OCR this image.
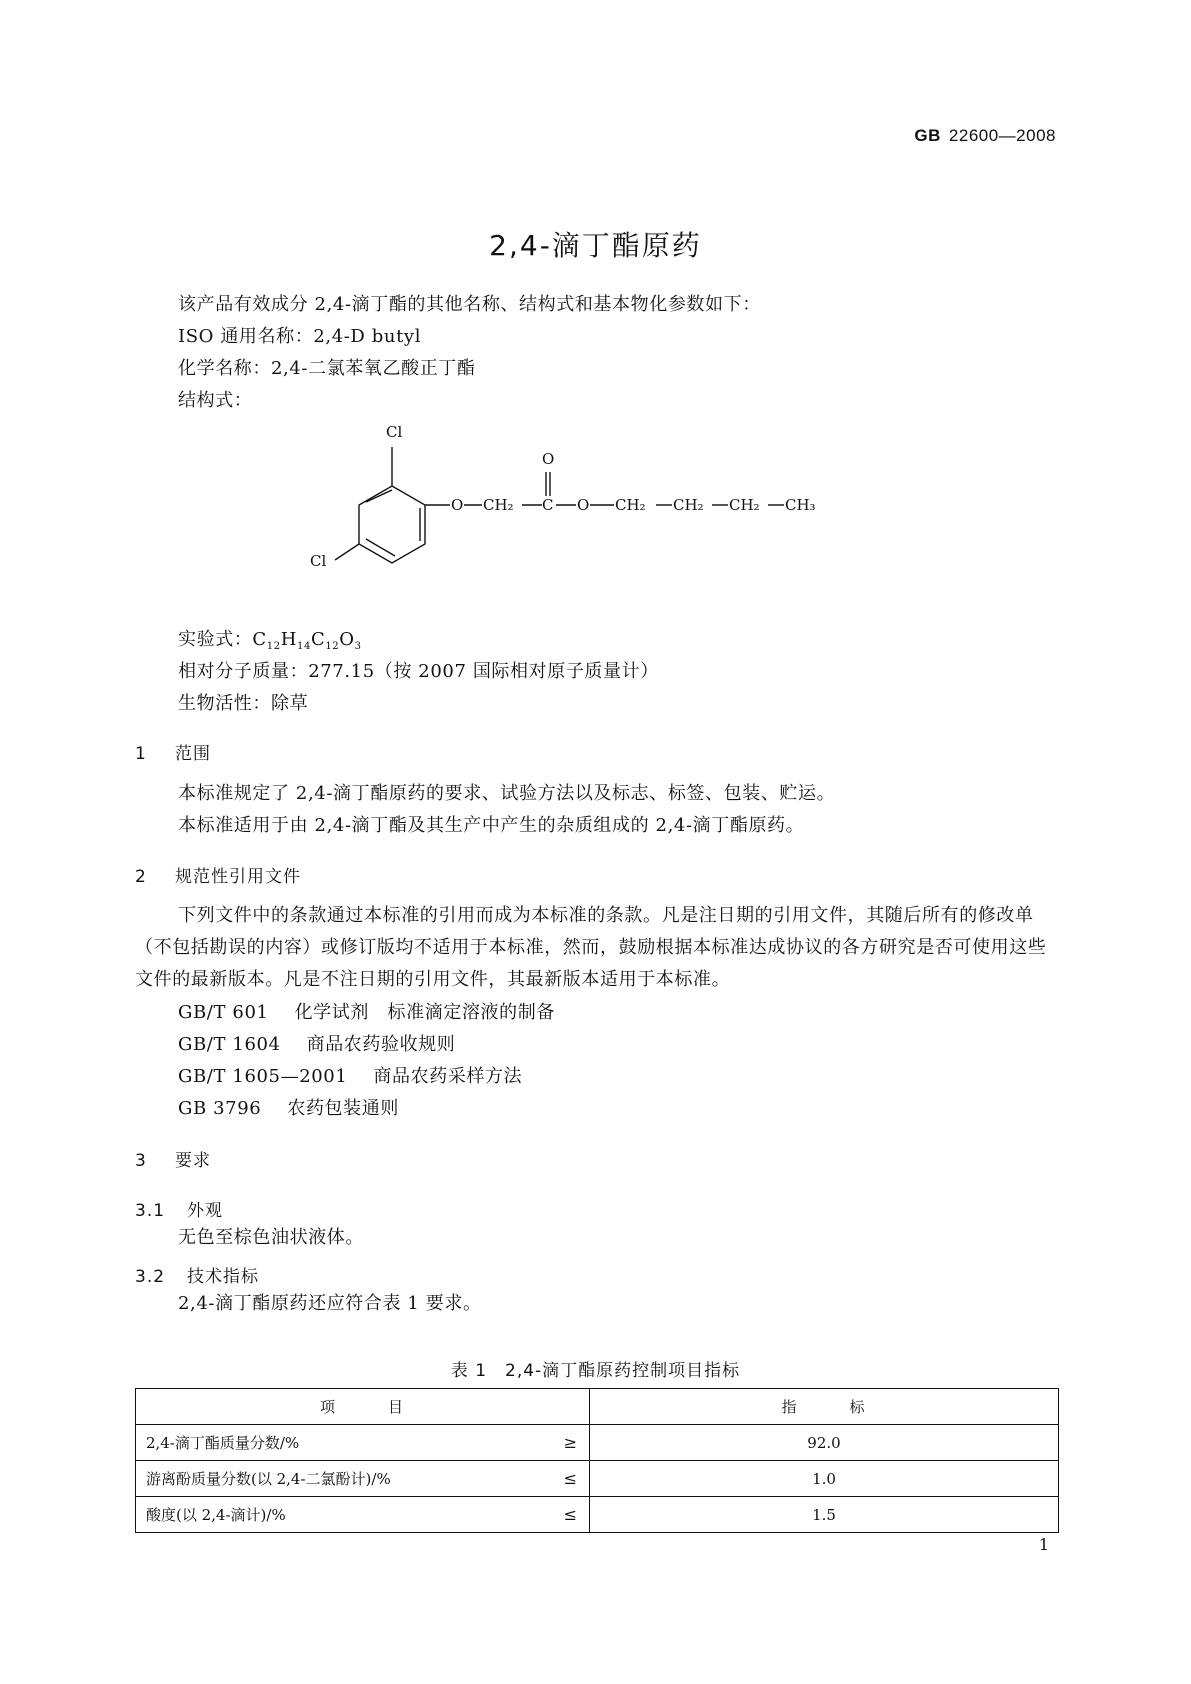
GB 22600—2008
2,4-滴丁酯原药
该产品有效成分 2,4-滴丁酯的其他名称、结构式和基本物化参数如下：
ISO 通用名称：2,4-D butyl
化学名称：2,4-二氯苯氧乙酸正丁酯
结构式：
Cl
Cl
O
O CH₂ C O CH₂ CH₂ CH₂ CH₃
实验式：$C_{12}H_{14}C_{12}O_3$
相对分子质量：277.15（按 2007 国际相对原子质量计）
生物活性：除草
1 范围
本标准规定了 2,4-滴丁酯原药的要求、试验方法以及标志、标签、包装、贮运。
本标准适用于由 2,4-滴丁酯及其生产中产生的杂质组成的 2,4-滴丁酯原药。
2 规范性引用文件
下列文件中的条款通过本标准的引用而成为本标准的条款。凡是注日期的引用文件，其随后所有的修改单（不包括勘误的内容）或修订版均不适用于本标准，然而，鼓励根据本标准达成协议的各方研究是否可使用这些文件的最新版本。凡是不注日期的引用文件，其最新版本适用于本标准。
GB/T 601 化学试剂　标准滴定溶液的制备
GB/T 1604 商品农药验收规则
GB/T 1605—2001 商品农药采样方法
GB 3796 农药包装通则
3 要求
3.1 外观
无色至棕色油状液体。
3.2 技术指标
2,4-滴丁酯原药还应符合表 1 要求。
表 1　2,4-滴丁酯原药控制项目指标
项　　　目	指　　　标
2,4-滴丁酯质量分数/% ≥	92.0
游离酚质量分数(以 2,4-二氯酚计)/% ≤	1.0
酸度(以 2,4-滴计)/% ≤	1.5
1
